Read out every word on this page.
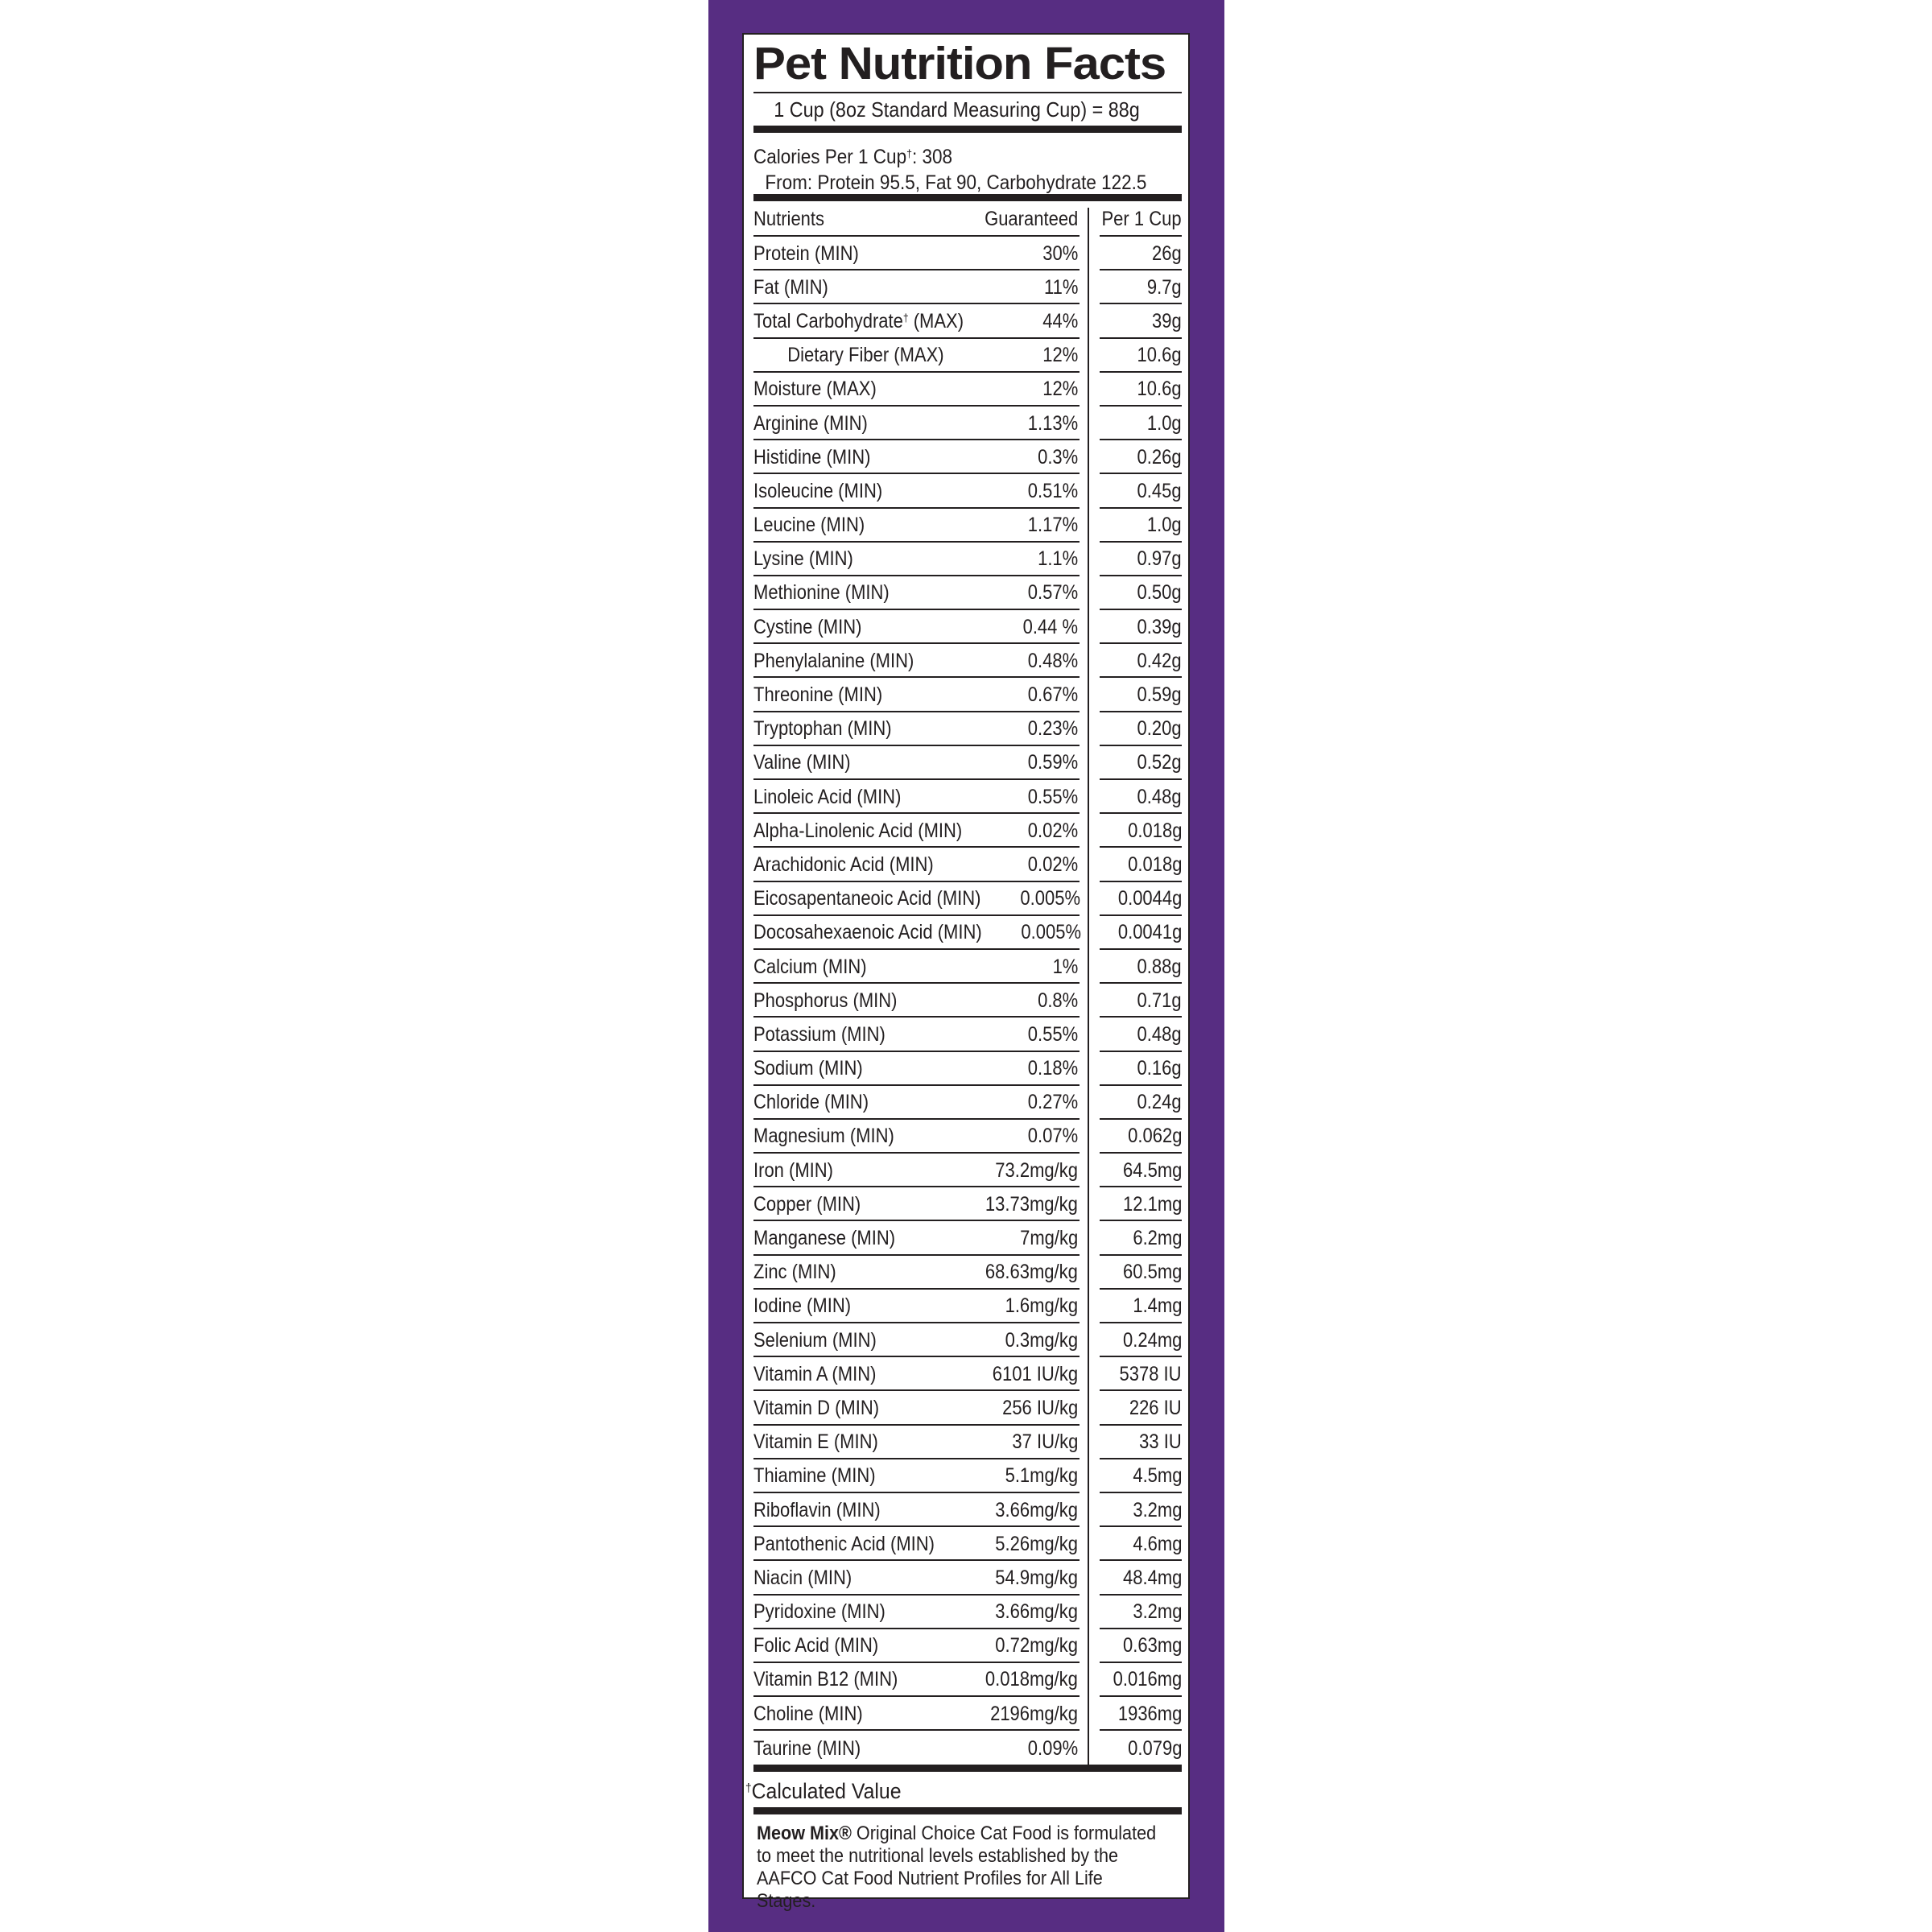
Pet Nutrition Facts
1 Cup (8oz Standard Measuring Cup) = 88g
Calories Per 1 Cup†: 308
From: Protein 95.5, Fat 90, Carbohydrate 122.5
Nutrients	Guaranteed Per 1 Cup
Protein (MIN)	30%	26g
Fat (MIN)	11%	9.7g
Total Carbohydrate† (MAX)	44%	39g
Dietary Fiber (MAX)	12%	10.6g
Moisture (MAX)	12%	10.6g
Arginine (MIN)	1.13%	1.0g
Histidine (MIN)	0.3%	0.26g
Isoleucine (MIN)	0.51%	0.45g
Leucine (MIN)	1.17%	1.0g
Lysine (MIN)	1.1%	0.97g
Methionine (MIN)	0.57%	0.50g
Cystine (MIN)	0.44 %	0.39g
Phenylalanine (MIN)	0.48%	0.42g
Threonine (MIN)	0.67%	0.59g
Tryptophan (MIN)	0.23%	0.20g
Valine (MIN)	0.59%	0.52g
Linoleic Acid (MIN)	0.55%	0.48g
Alpha-Linolenic Acid (MIN)	0.02% 0.018g
Arachidonic Acid (MIN)	0.02% 0.018g
Eicosapentaneoic Acid (MIN) 0.005% 0.0044g
Docosahexaenoic Acid (MIN) 0.005% 0.0041g
Calcium (MIN)	1%	0.88g
Phosphorus (MIN)	0.8%	0.71g
Potassium (MIN)	0.55%	0.48g
Sodium (MIN)	0.18%	0.16g
Chloride (MIN)	0.27%	0.24g
Magnesium (MIN)	0.07% 0.062g
Iron (MIN)	73.2mg/kg 64.5mg
Copper (MIN)	13.73mg/kg 12.1mg
Manganese (MIN)	7mg/kg	6.2mg
Zinc (MIN)	68.63mg/kg 60.5mg
Iodine (MIN)	1.6mg/kg	1.4mg
Selenium (MIN)	0.3mg/kg 0.24mg
Vitamin A (MIN)	6101 IU/kg 5378 IU
Vitamin D (MIN)	256 IU/kg	226 IU
Vitamin E (MIN)	37 IU/kg	33 IU
Thiamine (MIN)	5.1mg/kg	4.5mg
Riboflavin (MIN)	3.66mg/kg	3.2mg
Pantothenic Acid (MIN)	5.26mg/kg	4.6mg
Niacin (MIN)	54.9mg/kg 48.4mg
Pyridoxine (MIN)	3.66mg/kg	3.2mg
Folic Acid (MIN)	0.72mg/kg 0.63mg
Vitamin B12 (MIN)	0.018mg/kg 0.016mg
Choline (MIN)	2196mg/kg 1936mg
Taurine (MIN)	0.09% 0.079g
†Calculated Value
Meow Mix® Original Choice Cat Food is formulated to meet the nutritional levels established by the AAFCO Cat Food Nutrient Profiles for All Life Stages.
